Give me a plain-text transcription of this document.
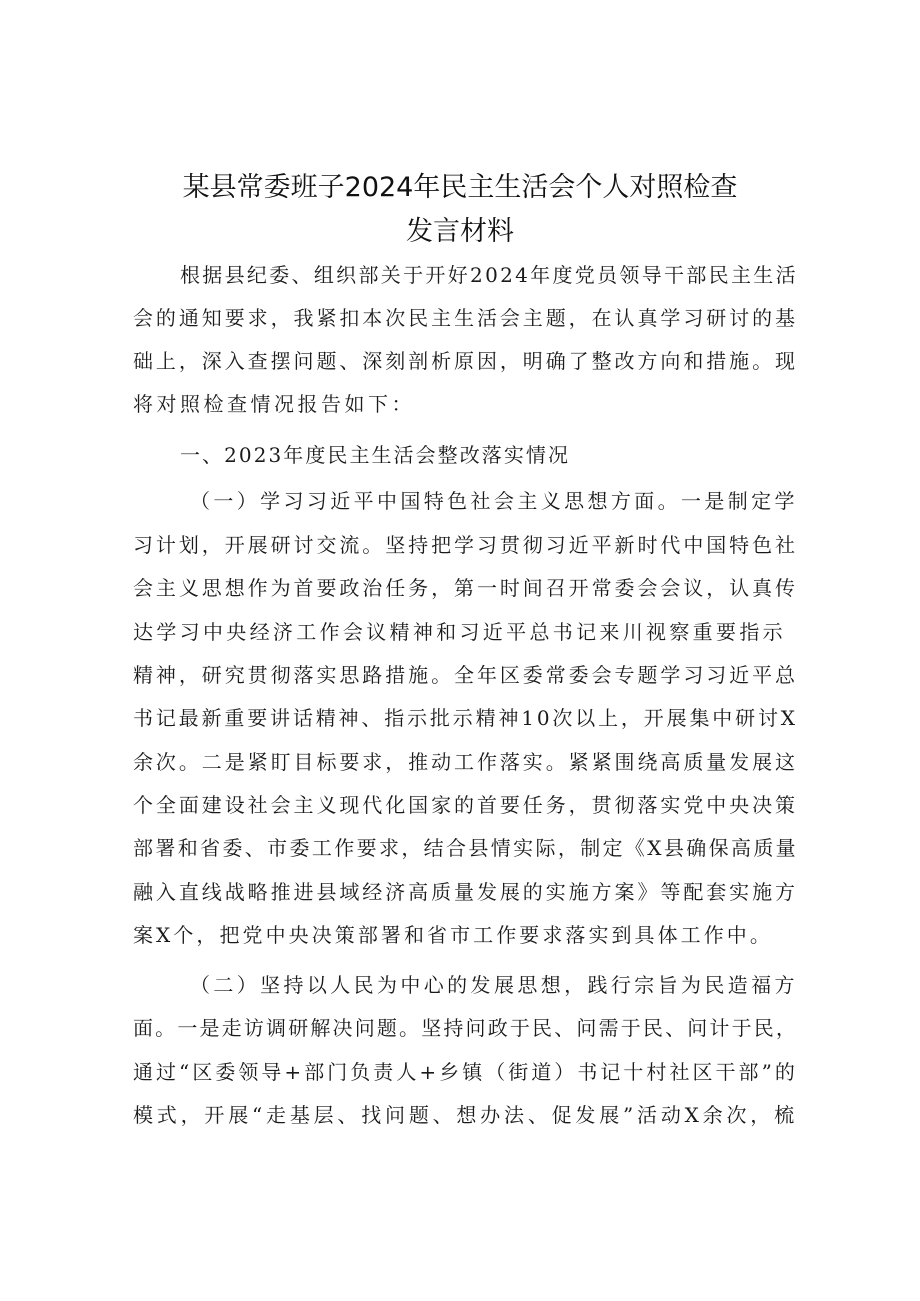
某县常委班子2024年民主生活会个人对照检查
发言材料
根据县纪委、组织部关于开好2024年度党员领导干部民主生活
会的通知要求，我紧扣本次民主生活会主题，在认真学习研讨的基
础上，深入查摆问题、深刻剖析原因，明确了整改方向和措施。现
将对照检查情况报告如下：
一、2023年度民主生活会整改落实情况
（一）学习习近平中国特色社会主义思想方面。一是制定学
习计划，开展研讨交流。坚持把学习贯彻习近平新时代中国特色社
会主义思想作为首要政治任务，第一时间召开常委会会议，认真传
达学习中央经济工作会议精神和习近平总书记来川视察重要指示
精神，研究贯彻落实思路措施。全年区委常委会专题学习习近平总
书记最新重要讲话精神、指示批示精神10次以上，开展集中研讨X
余次。二是紧盯目标要求，推动工作落实。紧紧围绕高质量发展这
个全面建设社会主义现代化国家的首要任务，贯彻落实党中央决策
部署和省委、市委工作要求，结合县情实际，制定《X县确保高质量
融入直线战略推进县域经济高质量发展的实施方案》等配套实施方
案X个，把党中央决策部署和省市工作要求落实到具体工作中。
（二）坚持以人民为中心的发展思想，践行宗旨为民造福方
面。一是走访调研解决问题。坚持问政于民、问需于民、问计于民，
通过“区委领导+部门负责人+乡镇（街道）书记十村社区干部”的
模式，开展“走基层、找问题、想办法、促发展”活动X余次，梳
